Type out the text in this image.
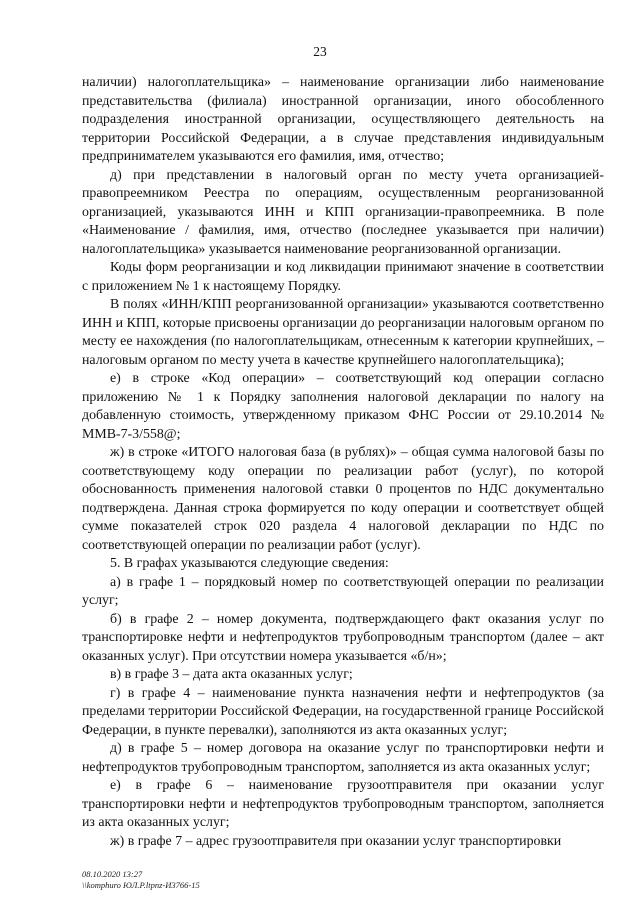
23

наличии) налогоплательщика» – наименование организации либо наименование представительства (филиала) иностранной организации, иного обособленного подразделения иностранной организации, осуществляющего деятельность на территории Российской Федерации, а в случае представления индивидуальным предпринимателем указываются его фамилия, имя, отчество;

д) при представлении в налоговый орган по месту учета организацией-правопреемником Реестра по операциям, осуществленным реорганизованной организацией, указываются ИНН и КПП организации-правопреемника. В поле «Наименование / фамилия, имя, отчество (последнее указывается при наличии) налогоплательщика» указывается наименование реорганизованной организации.

Коды форм реорганизации и код ликвидации принимают значение в соответствии с приложением № 1 к настоящему Порядку.

В полях «ИНН/КПП реорганизованной организации» указываются соответственно ИНН и КПП, которые присвоены организации до реорганизации налоговым органом по месту ее нахождения (по налогоплательщикам, отнесенным к категории крупнейших, – налоговым органом по месту учета в качестве крупнейшего налогоплательщика);

е) в строке «Код операции» – соответствующий код операции согласно приложению № 1 к Порядку заполнения налоговой декларации по налогу на добавленную стоимость, утвержденному приказом ФНС России от 29.10.2014 № ММВ-7-3/558@;

ж) в строке «ИТОГО налоговая база (в рублях)» – общая сумма налоговой базы по соответствующему коду операции по реализации работ (услуг), по которой обоснованность применения налоговой ставки 0 процентов по НДС документально подтверждена. Данная строка формируется по коду операции и соответствует общей сумме показателей строк 020 раздела 4 налоговой декларации по НДС по соответствующей операции по реализации работ (услуг).

5. В графах указываются следующие сведения:

а) в графе 1 – порядковый номер по соответствующей операции по реализации услуг;

б) в графе 2 – номер документа, подтверждающего факт оказания услуг по транспортировке нефти и нефтепродуктов трубопроводным транспортом (далее – акт оказанных услуг). При отсутствии номера указывается «б/н»;

в) в графе 3 – дата акта оказанных услуг;

г) в графе 4 – наименование пункта назначения нефти и нефтепродуктов (за пределами территории Российской Федерации, на государственной границе Российской Федерации, в пункте перевалки), заполняются из акта оказанных услуг;

д) в графе 5 – номер договора на оказание услуг по транспортировки нефти и нефтепродуктов трубопроводным транспортом, заполняется из акта оказанных услуг;

е) в графе 6 – наименование грузоотправителя при оказании услуг транспортировки нефти и нефтепродуктов трубопроводным транспортом, заполняется из акта оказанных услуг;

ж) в графе 7 – адрес грузоотправителя при оказании услуг транспортировки

08.10.2020 13:27
\\komphuro ЮЛ.Р.ltpnz-И3766-15
